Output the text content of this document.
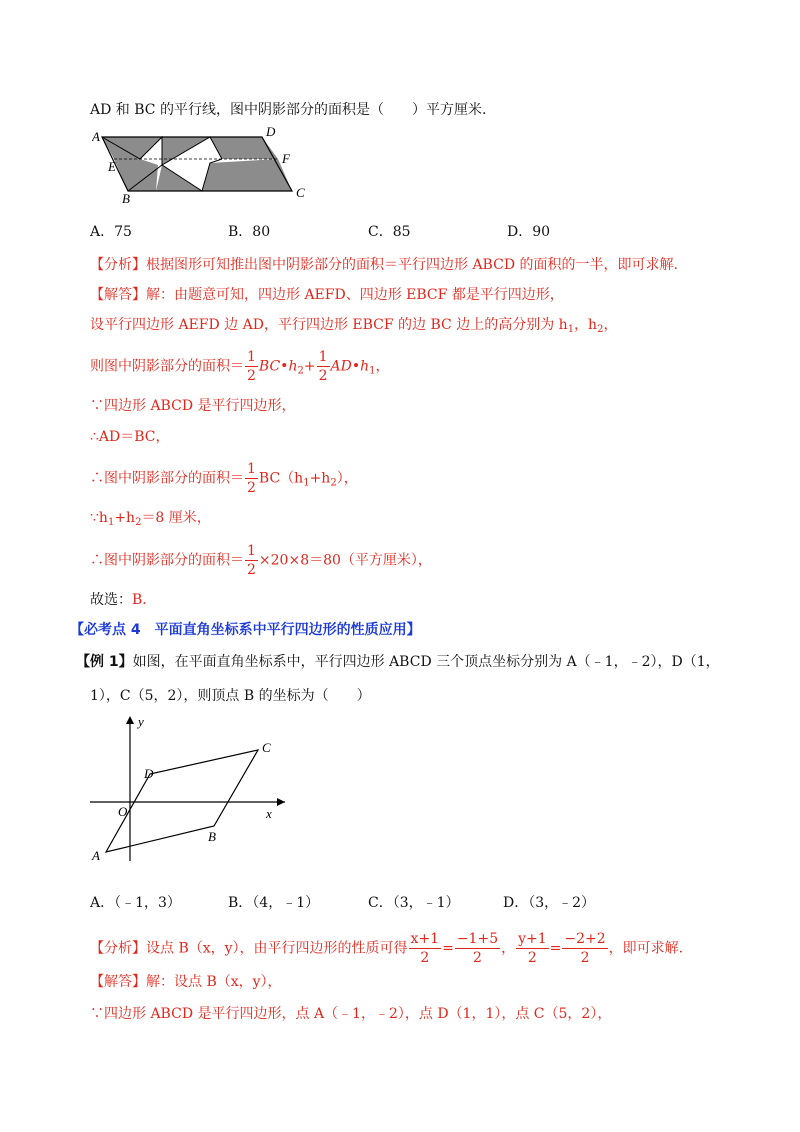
AD 和 BC 的平行线，图中阴影部分的面积是（　　）平方厘米.
A	D
E
F
B	C
A．75	B．80	C．85	D．90
【分析】根据图形可知推出图中阴影部分的面积＝平行四边形 ABCD 的面积的一半，即可求解.
【解答】解：由题意可知，四边形 AEFD、四边形 EBCF 都是平行四边形，
设平行四边形 AEFD 边 AD，平行四边形 EBCF 的边 BC 边上的高分别为 $h_1$，$h_2$，
则图中阴影部分的面积＝ $\frac{1}{2}$ $BC•h_2+ \frac{1}{2}$ $AD•h_1$，
∵四边形 ABCD 是平行四边形，
∴AD＝BC，
∴图中阴影部分的面积＝ $\frac{1}{2} BC(h_1+h_2)$，
$\because h_1+h_2=8$ 厘米，
∴图中阴影部分的面积＝ $\frac{1}{2} \times 20\times 8=80$（平方厘米），
故选：B．
【必考点 4　平面直角坐标系中平行四边形的性质应用】
【例 1】如图，在平面直角坐标系中，平行四边形 ABCD 三个顶点坐标分别为 A（﹣1，﹣2），D（1，
1），C（5，2），则顶点 B 的坐标为（　　）
y
x
O
A
B
C
D
A．（﹣1，3）	B．（4，﹣1）	C．（3，﹣1）	D．（3，﹣2）
【分析】设点 B（x，y），由平行四边形的性质可得 $\frac{x+1}{2} = \frac{-1+5}{2}$ ， $\frac{y+1}{2} = \frac{-2+2}{2}$ ，即可求解.
【解答】解：设点 B（x，y），
∵四边形 ABCD 是平行四边形，点 A（﹣1，﹣2），点 D（1，1），点 C（5，2），
